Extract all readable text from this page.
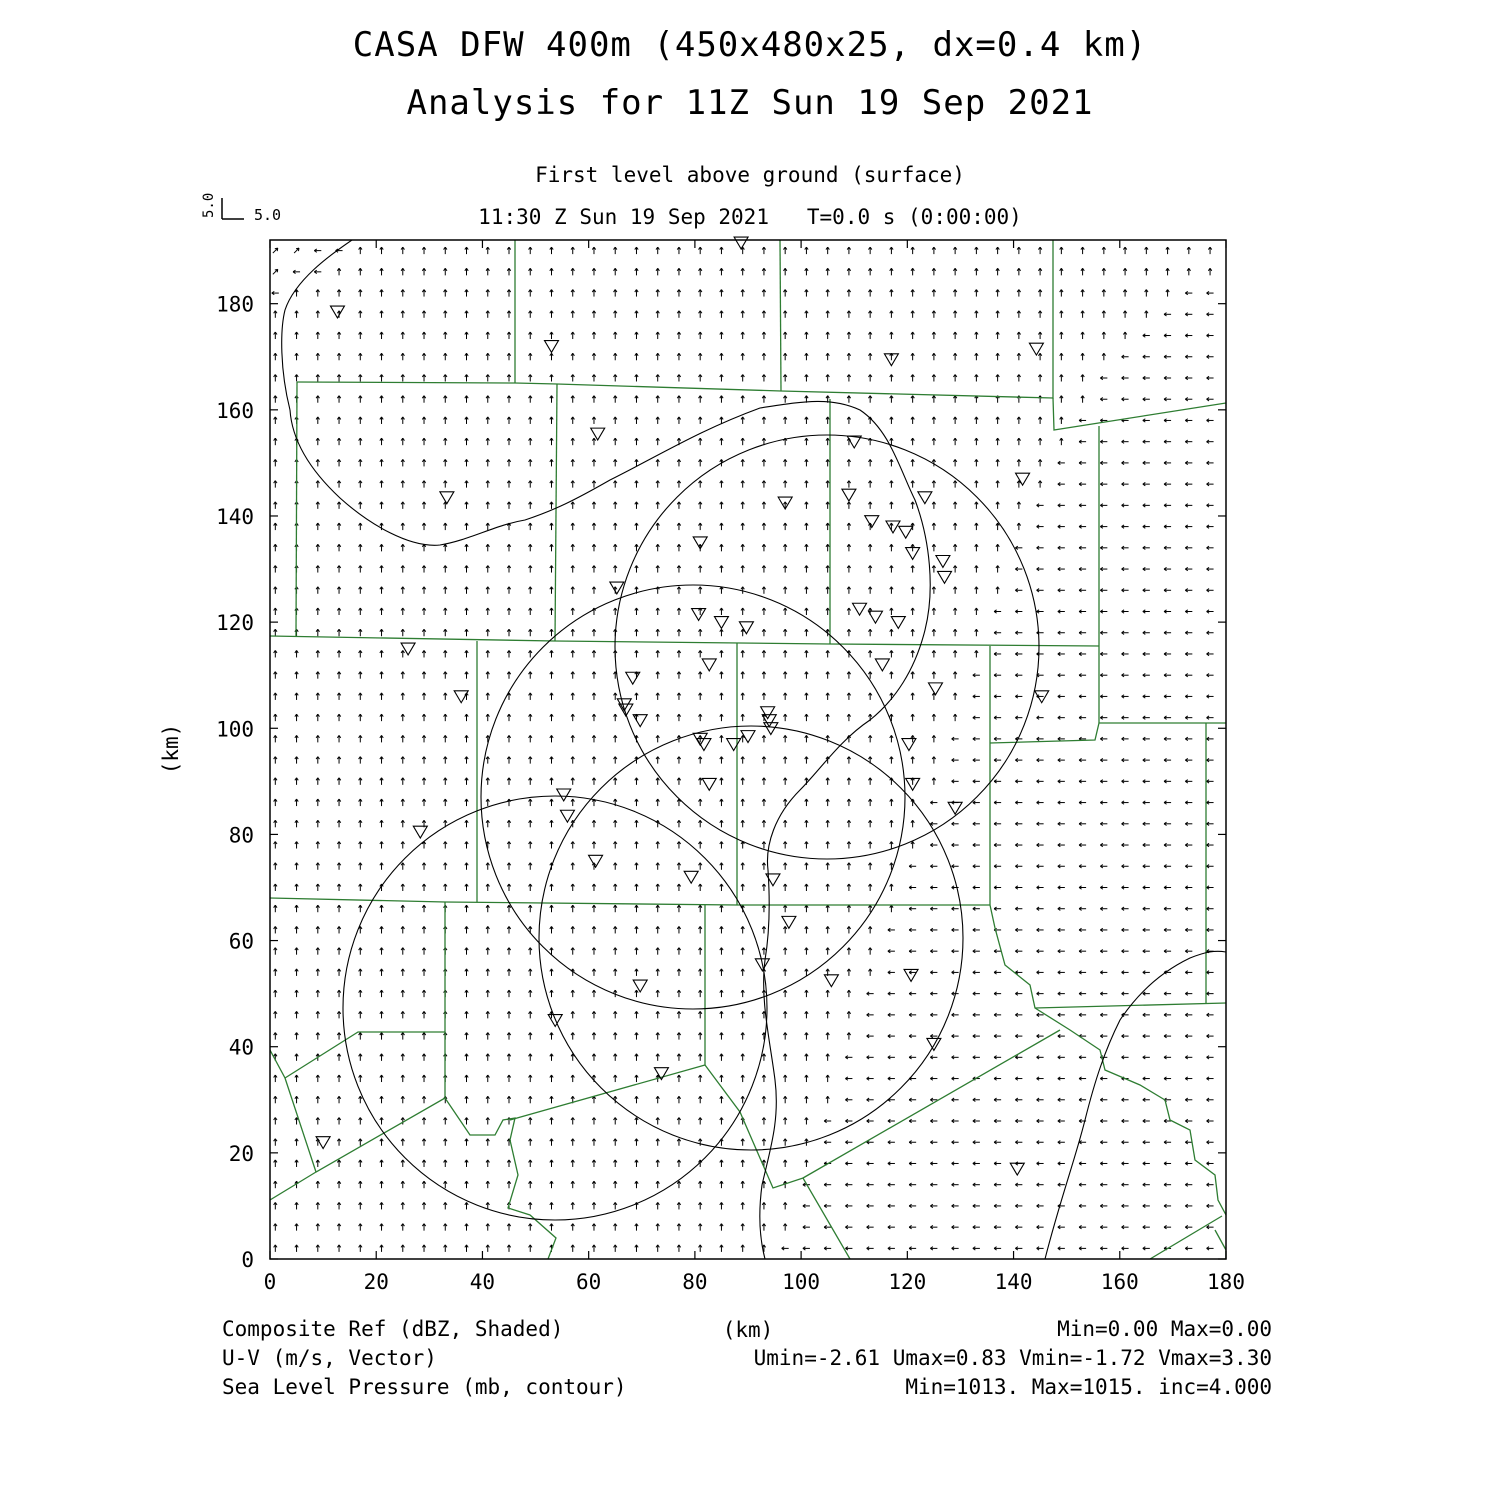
CASA DFW 400m (450x480x25, dx=0.4 km)
Analysis for 11Z Sun 19 Sep 2021
First level above ground (surface)
11:30 Z Sun 19 Sep 2021   T=0.0 s (0:00:00)
5.0 5.0
0	20	40	60	80	100	120	140	160	180
0
20
40
60
80
100
120
140
160
180
(km)
(km)
Composite Ref (dBZ, Shaded)	Min=0.00 Max=0.00
U-V (m/s, Vector)	Umin=-2.61 Umax=0.83 Vmin=-1.72 Vmax=3.30
Sea Level Pressure (mb, contour)	Min=1013. Max=1015. inc=4.000
